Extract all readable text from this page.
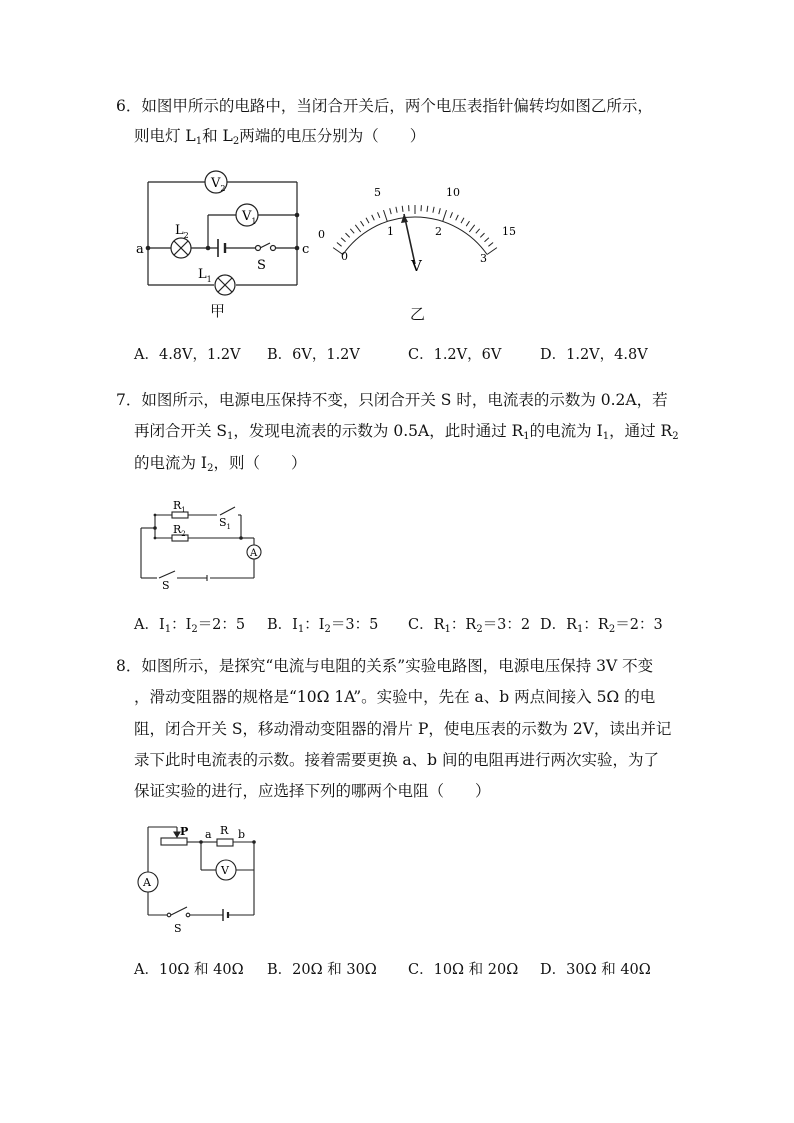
6．如图甲所示的电路中，当闭合开关后，两个电压表指针偏转均如图乙所示，
则电灯 $L_1$和 $L_2$两端的电压分别为（　　）
$V_2$
$V_1$
$L_2$
$L_1$
a	c
S
甲
0
5	10
15
0
1	2
3
V
乙
A．4.8V，1.2V B．6V，1.2V	C．1.2V，6V	D．1.2V，4.8V
7．如图所示，电源电压保持不变，只闭合开关 S 时，电流表的示数为 0.2A，若
再闭合开关 $S_1$，发现电流表的示数为 0.5A，此时通过 $R_1$的电流为 $I_1$，通过 $R_2$
的电流为 $I_2$，则（　　）
$R_1$
$R_2$
$S_1$
A
S
A．$I_1$：$I_2=2$：5 B．$I_1$：$I_2=3$：5 C．$R_1$：$R_2=3$：2 D．$R_1$：$R_2=2$：3
8．如图所示，是探究“电流与电阻的关系”实验电路图，电源电压保持 3V 不变
，滑动变阻器的规格是“10Ω 1A”。实验中，先在 a、b 两点间接入 5Ω 的电
阻，闭合开关 S，移动滑动变阻器的滑片 P，使电压表的示数为 2V，读出并记
录下此时电流表的示数。接着需要更换 a、b 间的电阻再进行两次实验，为了
保证实验的进行，应选择下列的哪两个电阻（　　）
P a R b
V
A
S
A．10Ω 和 40Ω B．20Ω 和 30Ω C．10Ω 和 20Ω D．30Ω 和 40Ω
